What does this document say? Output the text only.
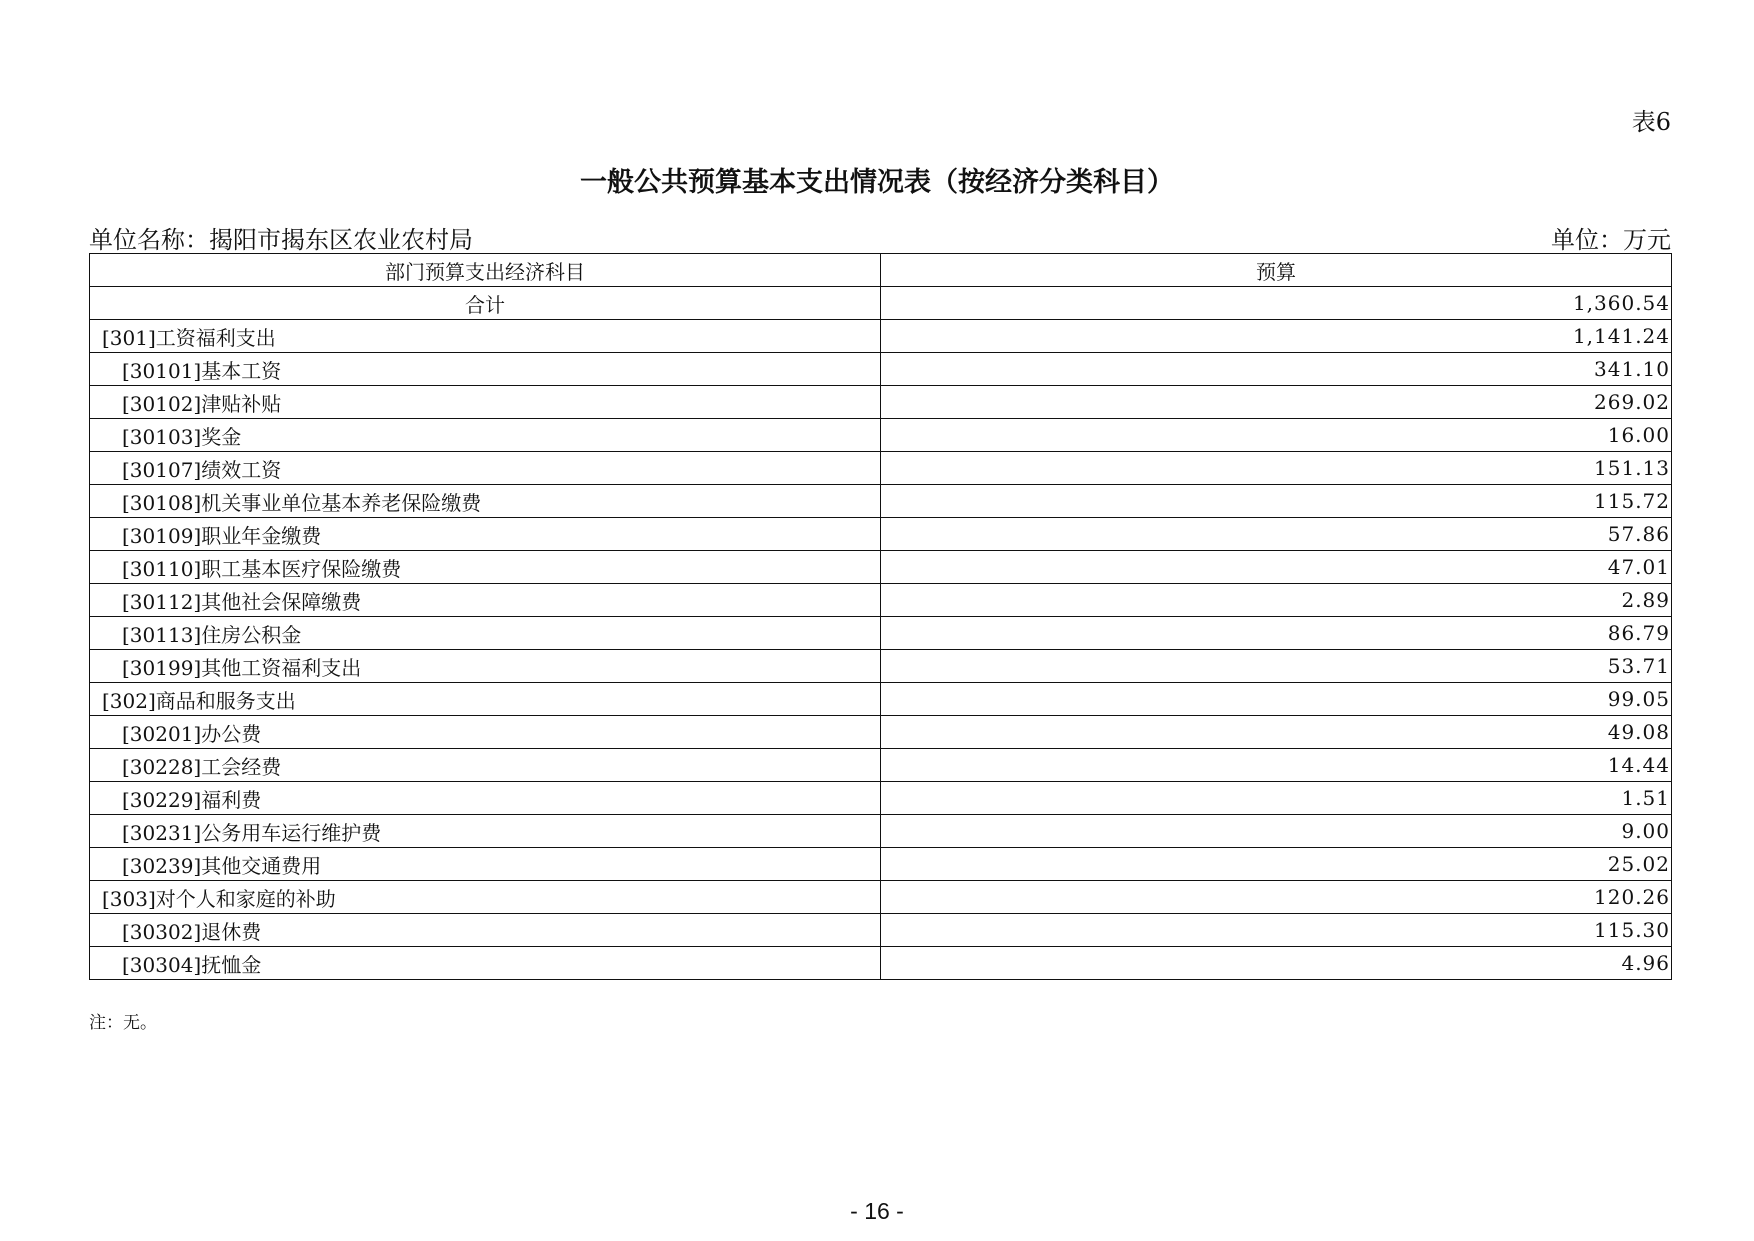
表6
一般公共预算基本支出情况表（按经济分类科目）
单位名称：揭阳市揭东区农业农村局	单位：万元
部门预算支出经济科目	预算
合计	1,360.54
[301]工资福利支出	1,141.24
[30101]基本工资	341.10
[30102]津贴补贴	269.02
[30103]奖金	16.00
[30107]绩效工资	151.13
[30108]机关事业单位基本养老保险缴费	115.72
[30109]职业年金缴费	57.86
[30110]职工基本医疗保险缴费	47.01
[30112]其他社会保障缴费	2.89
[30113]住房公积金	86.79
[30199]其他工资福利支出	53.71
[302]商品和服务支出	99.05
[30201]办公费	49.08
[30228]工会经费	14.44
[30229]福利费	1.51
[30231]公务用车运行维护费	9.00
[30239]其他交通费用	25.02
[303]对个人和家庭的补助	120.26
[30302]退休费	115.30
[30304]抚恤金	4.96
注：无。
- 16 -
